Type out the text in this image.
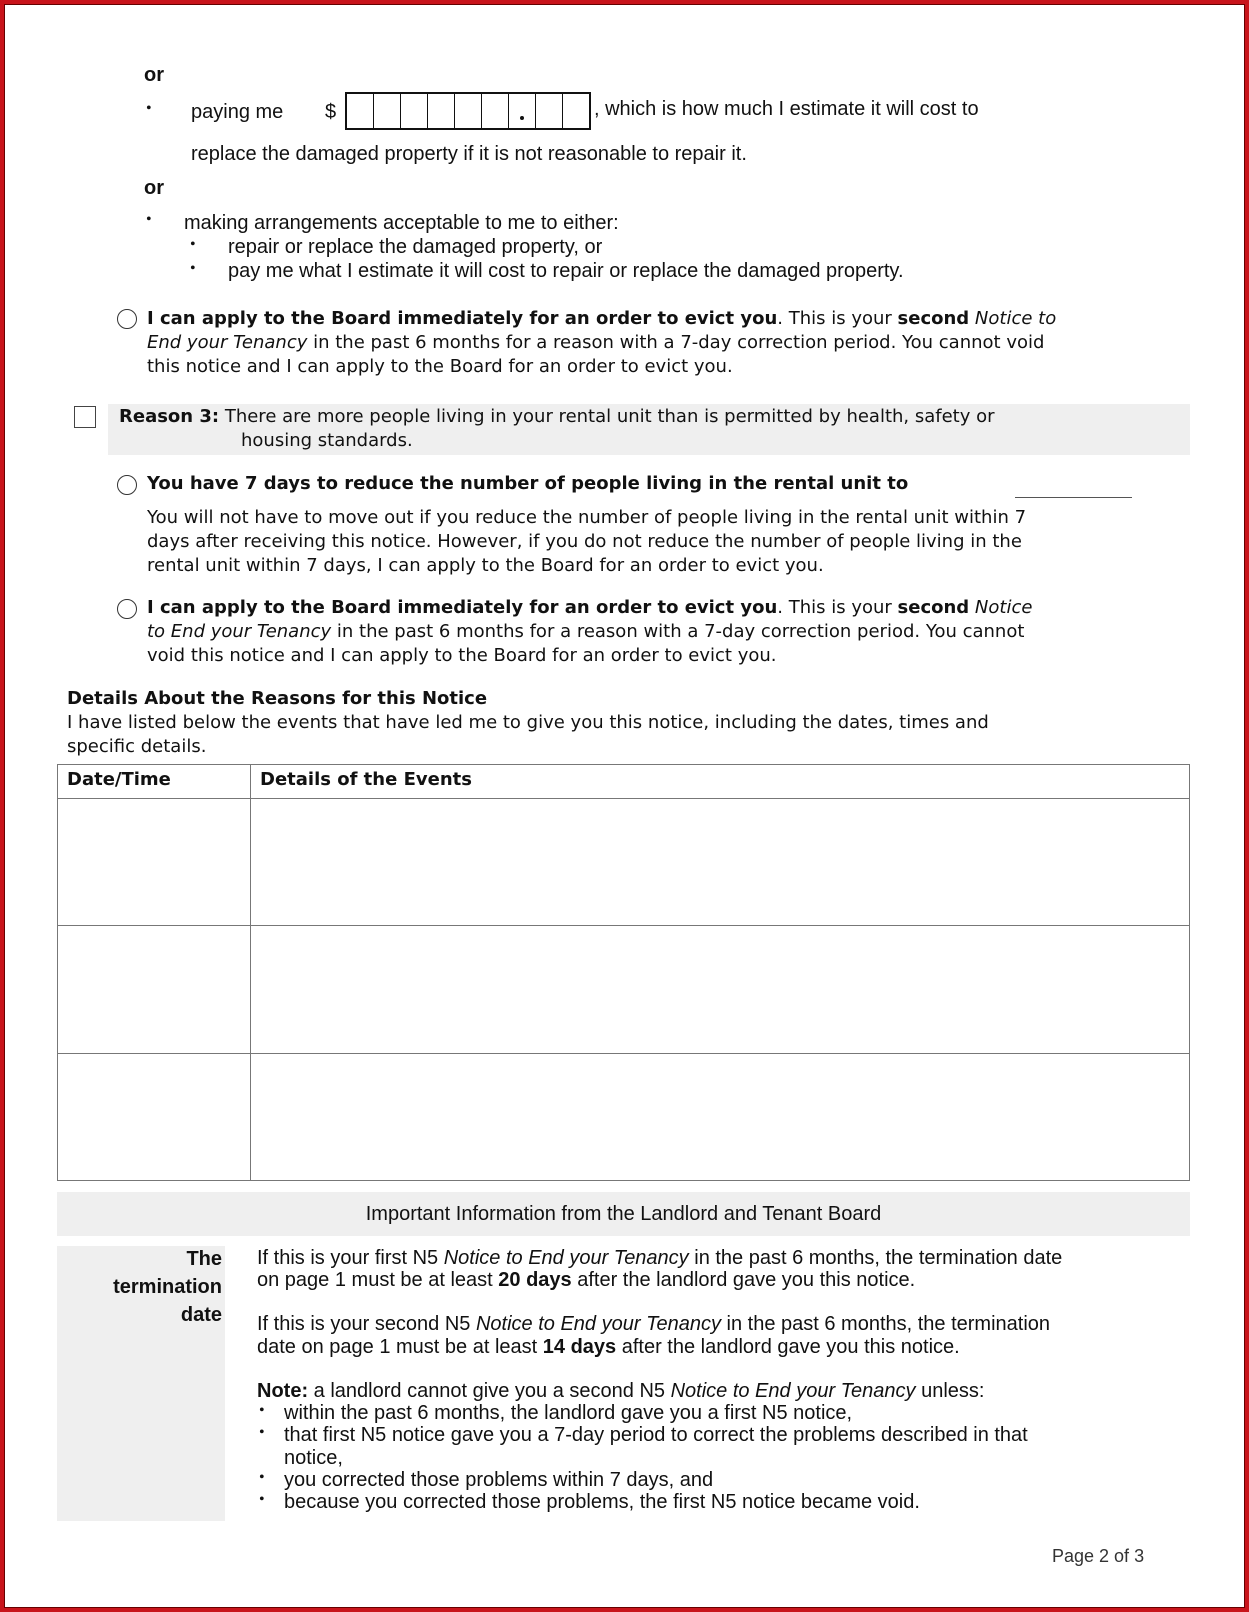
or
• paying me $	, which is how much I estimate it will cost to
replace the damaged property if it is not reasonable to repair it.
or
• making arrangements acceptable to me to either:
• repair or replace the damaged property, or
• pay me what I estimate it will cost to repair or replace the damaged property.
I can apply to the Board immediately for an order to evict you. This is your second Notice to
End your Tenancy in the past 6 months for a reason with a 7-day correction period. You cannot void
this notice and I can apply to the Board for an order to evict you.
Reason 3: There are more people living in your rental unit than is permitted by health, safety or
housing standards.
You have 7 days to reduce the number of people living in the rental unit to
You will not have to move out if you reduce the number of people living in the rental unit within 7
days after receiving this notice. However, if you do not reduce the number of people living in the
rental unit within 7 days, I can apply to the Board for an order to evict you.
I can apply to the Board immediately for an order to evict you. This is your second Notice
to End your Tenancy in the past 6 months for a reason with a 7-day correction period. You cannot
void this notice and I can apply to the Board for an order to evict you.
Details About the Reasons for this Notice
I have listed below the events that have led me to give you this notice, including the dates, times and
specific details.
Date/Time	Details of the Events

Important Information from the Landlord and Tenant Board
The
termination
date
If this is your first N5 Notice to End your Tenancy in the past 6 months, the termination date
on page 1 must be at least 20 days after the landlord gave you this notice.
If this is your second N5 Notice to End your Tenancy in the past 6 months, the termination
date on page 1 must be at least 14 days after the landlord gave you this notice.
Note: a landlord cannot give you a second N5 Notice to End your Tenancy unless:
• within the past 6 months, the landlord gave you a first N5 notice,
• that first N5 notice gave you a 7-day period to correct the problems described in that
notice,
• you corrected those problems within 7 days, and
• because you corrected those problems, the first N5 notice became void.
Page 2 of 3
